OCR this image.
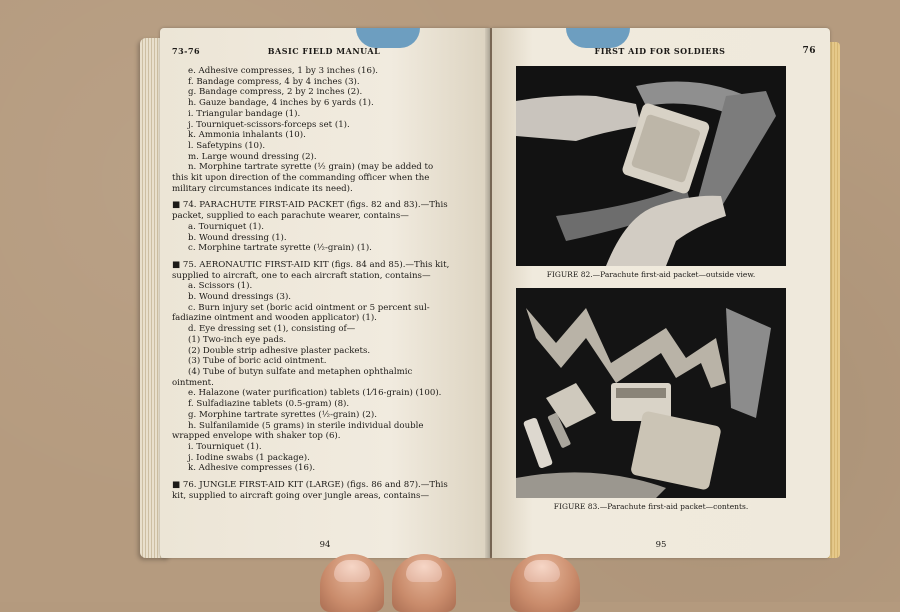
73-76	BASIC FIELD MANUAL
e. Adhesive compresses, 1 by 3 inches (16).
f. Bandage compress, 4 by 4 inches (3).
g. Bandage compress, 2 by 2 inches (2).
h. Gauze bandage, 4 inches by 6 yards (1).
i. Triangular bandage (1).
j. Tourniquet-scissors-forceps set (1).
k. Ammonia inhalants (10).
l. Safetypins (10).
m. Large wound dressing (2).
n. Morphine tartrate syrette (½ grain) (may be added to
this kit upon direction of the commanding officer when the
military circumstances indicate its need).
■ 74. PARACHUTE FIRST-AID PACKET (figs. 82 and 83).—This
packet, supplied to each parachute wearer, contains—
a. Tourniquet (1).
b. Wound dressing (1).
c. Morphine tartrate syrette (½-grain) (1).
■ 75. AERONAUTIC FIRST-AID KIT (figs. 84 and 85).—This kit,
supplied to aircraft, one to each aircraft station, contains—
a. Scissors (1).
b. Wound dressings (3).
c. Burn injury set (boric acid ointment or 5 percent sul-
fadiazine ointment and wooden applicator) (1).
d. Eye dressing set (1), consisting of—
(1) Two-inch eye pads.
(2) Double strip adhesive plaster packets.
(3) Tube of boric acid ointment.
(4) Tube of butyn sulfate and metaphen ophthalmic
ointment.
e. Halazone (water purification) tablets (1⁄16-grain) (100).
f. Sulfadiazine tablets (0.5-gram) (8).
g. Morphine tartrate syrettes (½-grain) (2).
h. Sulfanilamide (5 grams) in sterile individual double
wrapped envelope with shaker top (6).
i. Tourniquet (1).
j. Iodine swabs (1 package).
k. Adhesive compresses (16).
■ 76. JUNGLE FIRST-AID KIT (LARGE) (figs. 86 and 87).—This
kit, supplied to aircraft going over jungle areas, contains—
94
FIRST AID FOR SOLDIERS	76
FIGURE 82.—Parachute first-aid packet—outside view.
FIGURE 83.—Parachute first-aid packet—contents.
95
